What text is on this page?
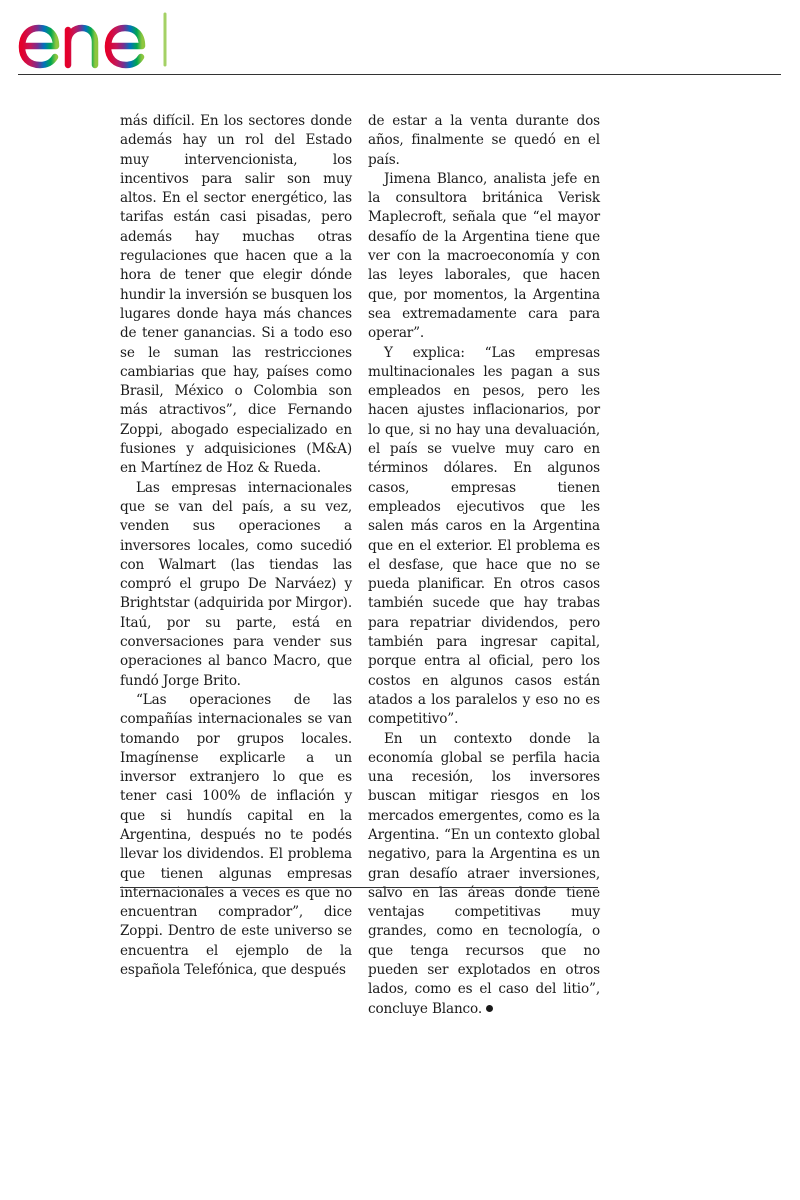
más difícil. En los sectores donde además hay un rol del Estado muy intervencionista, los incentivos para salir son muy altos. En el sector energético, las tarifas están casi pisadas, pero además hay muchas otras regulaciones que hacen que a la hora de tener que elegir dónde hundir la inversión se busquen los lugares donde haya más chances de tener ganancias. Si a todo eso se le suman las restricciones cambiarias que hay, países como Brasil, México o Colombia son más atractivos”, dice Fernando Zoppi, abogado especializado en fusiones y adquisiciones (M&A) en Martínez de Hoz & Rueda.

Las empresas internacionales que se van del país, a su vez, venden sus operaciones a inversores locales, como sucedió con Walmart (las tiendas las compró el grupo De Narváez) y Brightstar (adquirida por Mirgor). Itaú, por su parte, está en conversaciones para vender sus operaciones al banco Macro, que fundó Jorge Brito.

“Las operaciones de las compañías internacionales se van tomando por grupos locales. Imagínense explicarle a un inversor extranjero lo que es tener casi 100% de inflación y que si hundís capital en la Argentina, después no te podés llevar los dividendos. El problema que tienen algunas empresas internacionales a veces es que no encuentran comprador”, dice Zoppi. Dentro de este universo se encuentra el ejemplo de la española Telefónica, que después

de estar a la venta durante dos años, finalmente se quedó en el país.

Jimena Blanco, analista jefe en la consultora británica Verisk Maplecroft, señala que “el mayor desafío de la Argentina tiene que ver con la macroeconomía y con las leyes laborales, que hacen que, por momentos, la Argentina sea extremadamente cara para operar”.

Y explica: “Las empresas multinacionales les pagan a sus empleados en pesos, pero les hacen ajustes inflacionarios, por lo que, si no hay una devaluación, el país se vuelve muy caro en términos dólares. En algunos casos, empresas tienen empleados ejecutivos que les salen más caros en la Argentina que en el exterior. El problema es el desfase, que hace que no se pueda planificar. En otros casos también sucede que hay trabas para repatriar dividendos, pero también para ingresar capital, porque entra al oficial, pero los costos en algunos casos están atados a los paralelos y eso no es competitivo”.

En un contexto donde la economía global se perfila hacia una recesión, los inversores buscan mitigar riesgos en los mercados emergentes, como es la Argentina. “En un contexto global negativo, para la Argentina es un gran desafío atraer inversiones, salvo en las áreas donde tiene ventajas competitivas muy grandes, como en tecnología, o que tenga recursos que no pueden ser explotados en otros lados, como es el caso del litio”, concluye Blanco.
